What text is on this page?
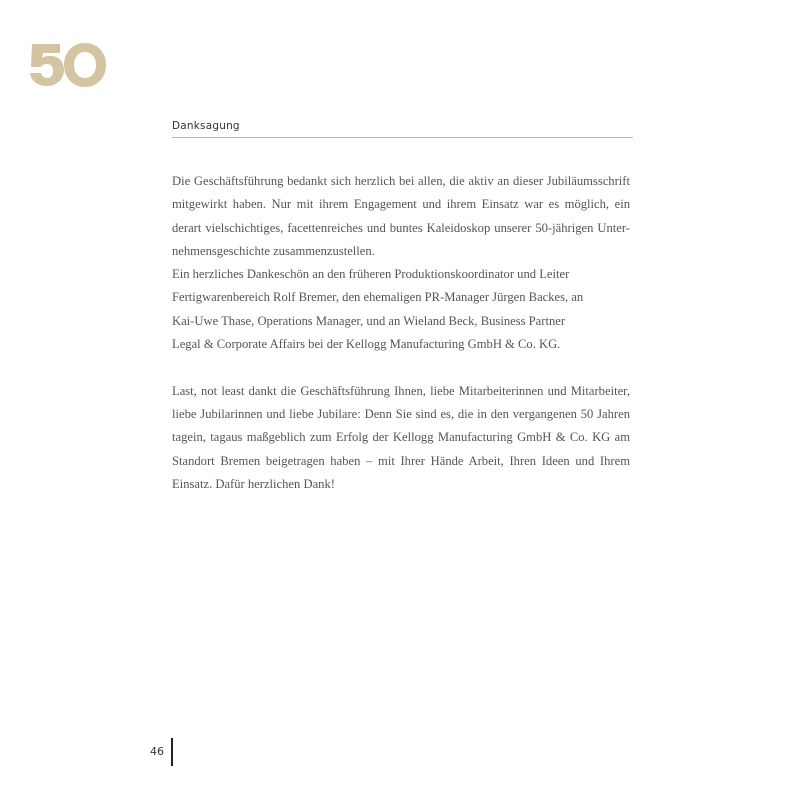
Danksagung
Die Geschäftsführung bedankt sich herzlich bei allen, die aktiv an dieser Jubiläumsschrift
mitgewirkt haben. Nur mit ihrem Engagement und ihrem Einsatz war es möglich, ein
derart vielschichtiges, facettenreiches und buntes Kaleidoskop unserer 50-jährigen Unter-
nehmensgeschichte zusammenzustellen.
Ein herzliches Dankeschön an den früheren Produktionskoordinator und Leiter
Fertigwarenbereich Rolf Bremer, den ehemaligen PR-Manager Jürgen Backes, an
Kai-Uwe Thase, Operations Manager, und an Wieland Beck, Business Partner
Legal & Corporate Affairs bei der Kellogg Manufacturing GmbH & Co. KG.
Last, not least dankt die Geschäftsführung Ihnen, liebe Mitarbeiterinnen und Mitarbeiter,
liebe Jubilarinnen und liebe Jubilare: Denn Sie sind es, die in den vergangenen 50 Jahren
tagein, tagaus maßgeblich zum Erfolg der Kellogg Manufacturing GmbH & Co. KG am
Standort Bremen beigetragen haben – mit Ihrer Hände Arbeit, Ihren Ideen und Ihrem
Einsatz. Dafür herzlichen Dank!
46
